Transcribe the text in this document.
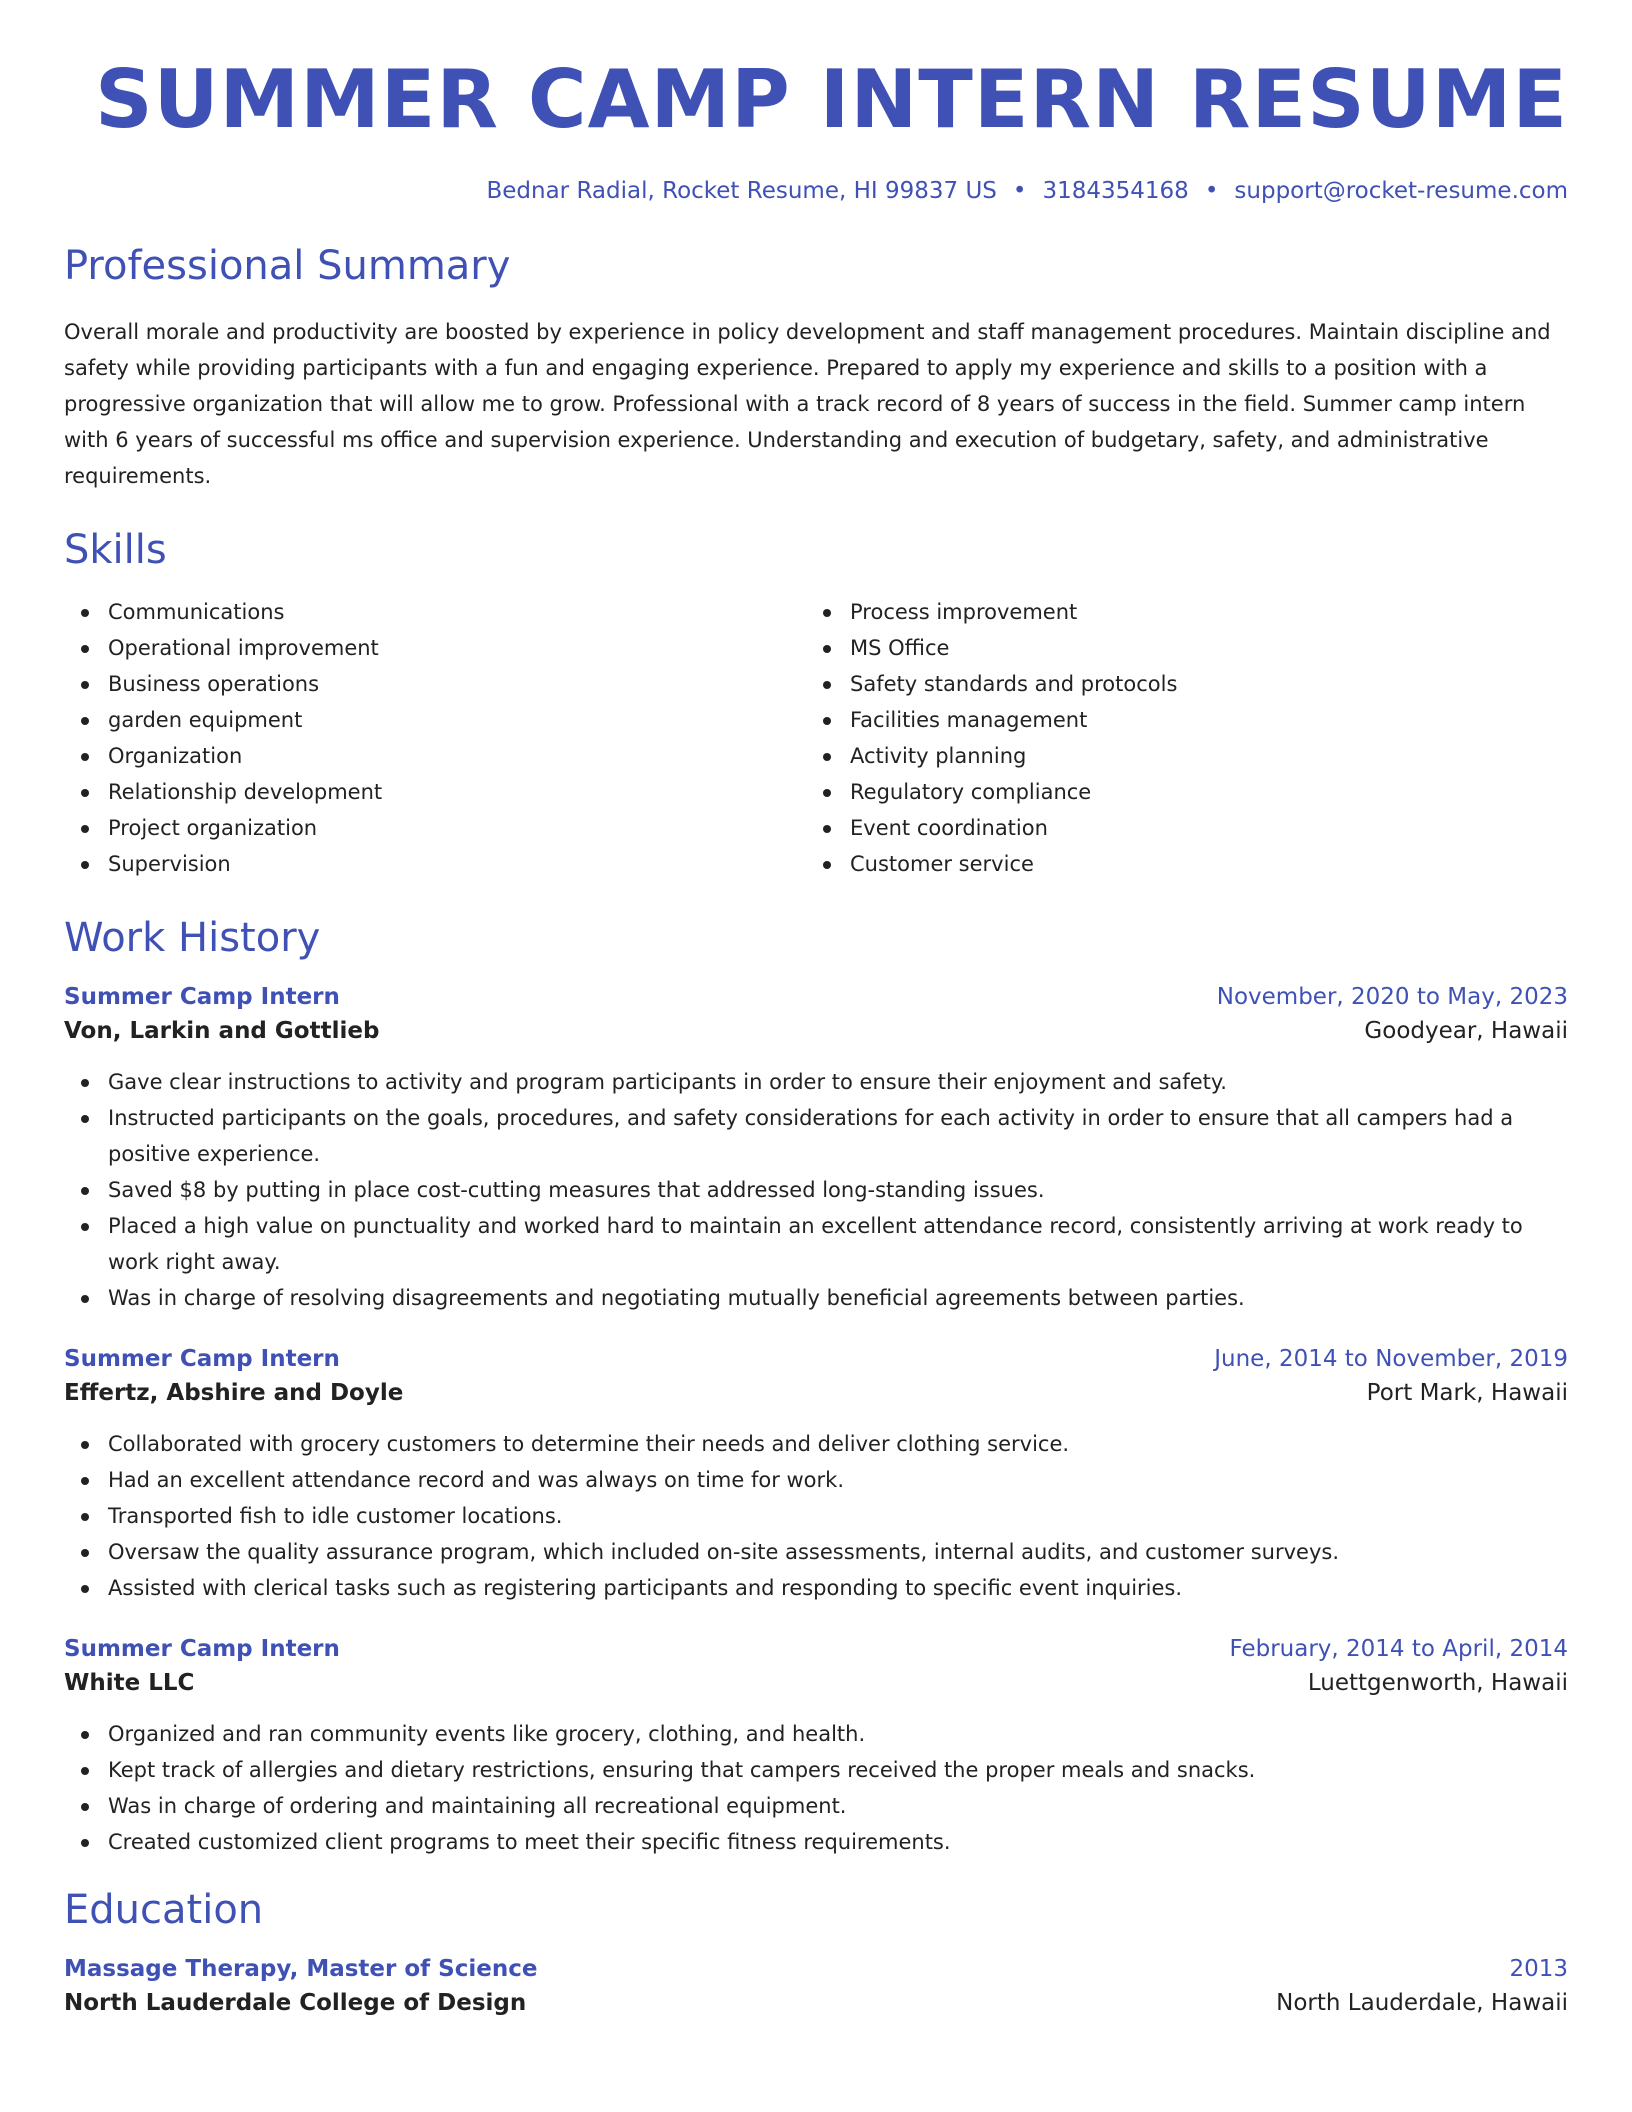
SUMMER CAMP INTERN RESUME
Bednar Radial, Rocket Resume, HI 99837 US • 3184354168 • support@rocket-resume.com
Professional Summary

Overall morale and productivity are boosted by experience in policy development and staff management procedures. Maintain discipline and safety while providing participants with a fun and engaging experience. Prepared to apply my experience and skills to a position with a progressive organization that will allow me to grow. Professional with a track record of 8 years of success in the field. Summer camp intern with 6 years of successful ms office and supervision experience. Understanding and execution of budgetary, safety, and administrative requirements.

Skills
Communications
Operational improvement
Business operations
garden equipment
Organization
Relationship development
Project organization
Supervision
Process improvement
MS Office
Safety standards and protocols
Facilities management
Activity planning
Regulatory compliance
Event coordination
Customer service
Work History
Summer Camp Intern	November, 2020 to May, 2023
Von, Larkin and Gottlieb	Goodyear, Hawaii
Gave clear instructions to activity and program participants in order to ensure their enjoyment and safety.
Instructed participants on the goals, procedures, and safety considerations for each activity in order to ensure that all campers had a positive experience.
Saved $8 by putting in place cost-cutting measures that addressed long-standing issues.
Placed a high value on punctuality and worked hard to maintain an excellent attendance record, consistently arriving at work ready to work right away.
Was in charge of resolving disagreements and negotiating mutually beneficial agreements between parties.
Summer Camp Intern	June, 2014 to November, 2019
Effertz, Abshire and Doyle	Port Mark, Hawaii
Collaborated with grocery customers to determine their needs and deliver clothing service.
Had an excellent attendance record and was always on time for work.
Transported fish to idle customer locations.
Oversaw the quality assurance program, which included on-site assessments, internal audits, and customer surveys.
Assisted with clerical tasks such as registering participants and responding to specific event inquiries.
Summer Camp Intern	February, 2014 to April, 2014
White LLC	Luettgenworth, Hawaii
Organized and ran community events like grocery, clothing, and health.
Kept track of allergies and dietary restrictions, ensuring that campers received the proper meals and snacks.
Was in charge of ordering and maintaining all recreational equipment.
Created customized client programs to meet their specific fitness requirements.
Education
Massage Therapy, Master of Science	2013
North Lauderdale College of Design	North Lauderdale, Hawaii
